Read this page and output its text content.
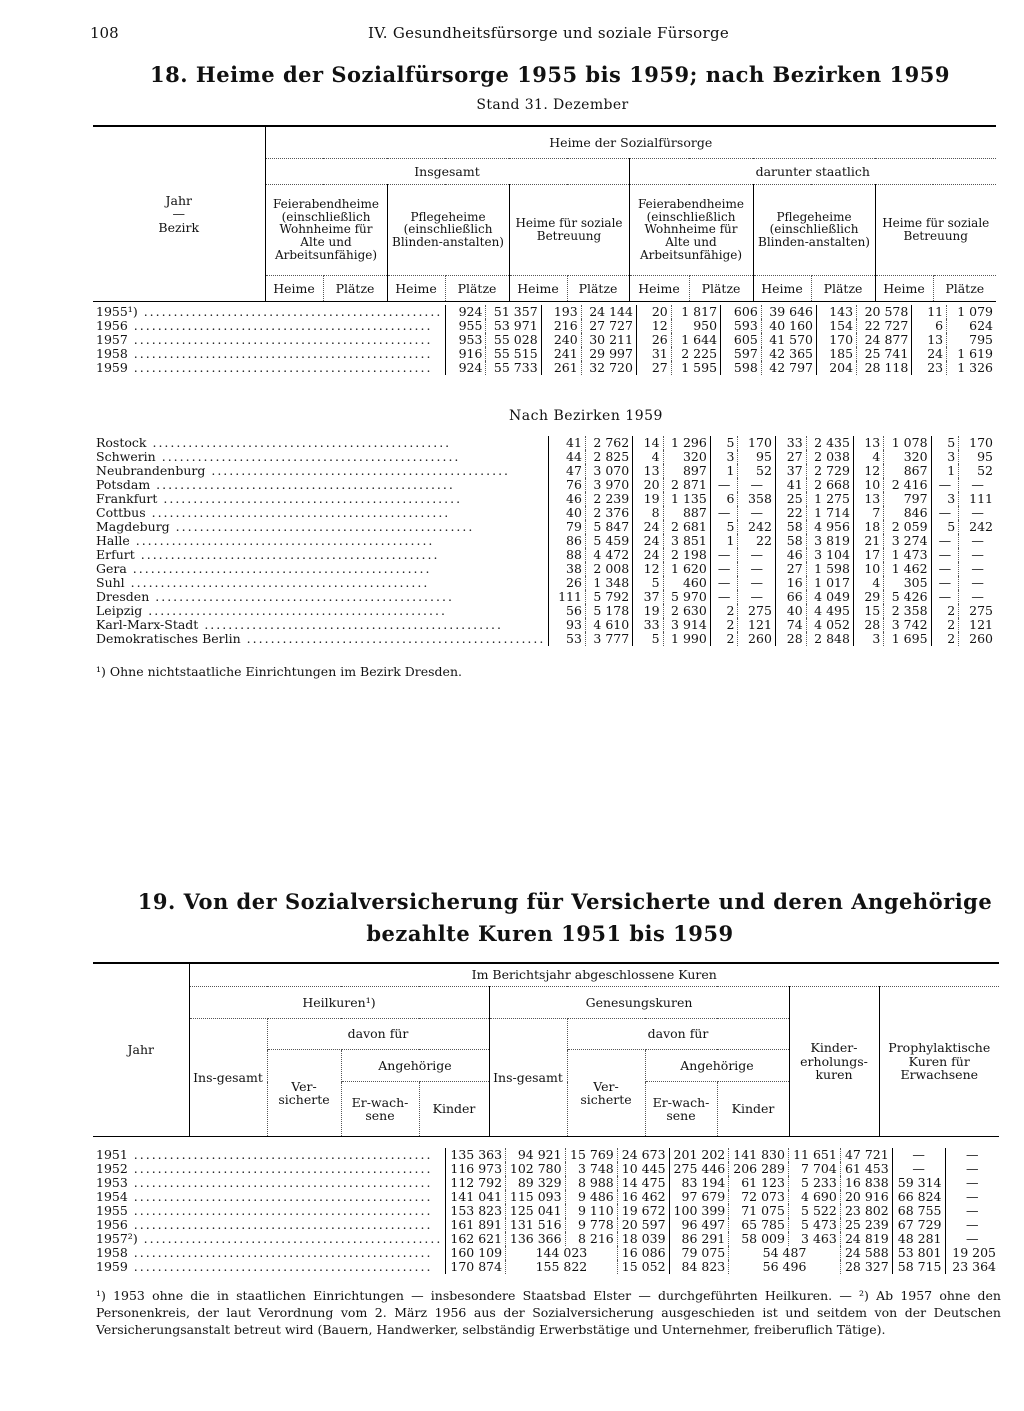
108	IV. Gesundheitsfürsorge und soziale Fürsorge
18. Heime der Sozialfürsorge 1955 bis 1959; nach Bezirken 1959
Stand 31. Dezember
Jahr
—
Bezirk	Heime der Sozialfürsorge											
	Insgesamt						darunter staatlich					
	Feierabendheime (einschließlich Wohnheime für Alte und Arbeitsunfähige)		Pflegeheime (einschließlich Blinden-anstalten)		Heime für soziale Betreuung		Feierabendheime (einschließlich Wohnheime für Alte und Arbeitsunfähige)		Pflegeheime (einschließlich Blinden-anstalten)		Heime für soziale Betreuung	
	Heime	Plätze	Heime	Plätze	Heime	Plätze	Heime	Plätze	Heime	Plätze	Heime	Plätze
1955¹) ..................................................	924	51 357	193	24 144	20	1 817	606	39 646	143	20 578	11	1 079
1956 ..................................................	955	53 971	216	27 727	12	950	593	40 160	154	22 727	6	624
1957 ..................................................	953	55 028	240	30 211	26	1 644	605	41 570	170	24 877	13	795
1958 ..................................................	916	55 515	241	29 997	31	2 225	597	42 365	185	25 741	24	1 619
1959 ..................................................	924	55 733	261	32 720	27	1 595	598	42 797	204	28 118	23	1 326
Nach Bezirken 1959
Rostock ..................................................	41	2 762	14	1 296	5	170	33	2 435	13	1 078	5	170
Schwerin ..................................................	44	2 825	4	320	3	95	27	2 038	4	320	3	95
Neubrandenburg ..................................................	47	3 070	13	897	1	52	37	2 729	12	867	1	52
Potsdam ..................................................	76	3 970	20	2 871	—	—	41	2 668	10	2 416	—	—
Frankfurt ..................................................	46	2 239	19	1 135	6	358	25	1 275	13	797	3	111
Cottbus ..................................................	40	2 376	8	887	—	—	22	1 714	7	846	—	—
Magdeburg ..................................................	79	5 847	24	2 681	5	242	58	4 956	18	2 059	5	242
Halle ..................................................	86	5 459	24	3 851	1	22	58	3 819	21	3 274	—	—
Erfurt ..................................................	88	4 472	24	2 198	—	—	46	3 104	17	1 473	—	—
Gera ..................................................	38	2 008	12	1 620	—	—	27	1 598	10	1 462	—	—
Suhl ..................................................	26	1 348	5	460	—	—	16	1 017	4	305	—	—
Dresden ..................................................	111	5 792	37	5 970	—	—	66	4 049	29	5 426	—	—
Leipzig ..................................................	56	5 178	19	2 630	2	275	40	4 495	15	2 358	2	275
Karl-Marx-Stadt ..................................................	93	4 610	33	3 914	2	121	74	4 052	28	3 742	2	121
Demokratisches Berlin ..................................................	53	3 777	5	1 990	2	260	28	2 848	3	1 695	2	260
¹) Ohne nichtstaatliche Einrichtungen im Bezirk Dresden.
19. Von der Sozialversicherung für Versicherte und deren Angehörige
bezahlte Kuren 1951 bis 1959
Jahr	Im Berichtsjahr abgeschlossene Kuren									
	Heilkuren¹)				Genesungskuren				Kinder-erholungs-kuren	Prophylaktische Kuren für Erwachsene
	Ins-gesamt	davon für			Ins-gesamt	davon für				
		Ver-sicherte	Angehörige			Ver-sicherte	Angehörige			
			Er-wach-sene	Kinder			Er-wach-sene	Kinder		
1951 ..................................................	135 363	94 921	15 769	24 673	201 202	141 830	11 651	47 721	—	—
1952 ..................................................	116 973	102 780	3 748	10 445	275 446	206 289	7 704	61 453	—	—
1953 ..................................................	112 792	89 329	8 988	14 475	83 194	61 123	5 233	16 838	59 314	—
1954 ..................................................	141 041	115 093	9 486	16 462	97 679	72 073	4 690	20 916	66 824	—
1955 ..................................................	153 823	125 041	9 110	19 672	100 399	71 075	5 522	23 802	68 755	—
1956 ..................................................	161 891	131 516	9 778	20 597	96 497	65 785	5 473	25 239	67 729	—
1957²) ..................................................	162 621	136 366	8 216	18 039	86 291	58 009	3 463	24 819	48 281	—
1958 ..................................................	160 109	144 023		16 086	79 075	54 487		24 588	53 801	19 205
1959 ..................................................	170 874	155 822		15 052	84 823	56 496		28 327	58 715	23 364
¹) 1953 ohne die in staatlichen Einrichtungen — insbesondere Staatsbad Elster — durchgeführten Heilkuren. — ²) Ab 1957 ohne den Personenkreis, der laut Verordnung vom 2. März 1956 aus der Sozialversicherung ausgeschieden ist und seitdem von der Deutschen Versicherungsanstalt betreut wird (Bauern, Handwerker, selbständig Erwerbstätige und Unternehmer, freiberuflich Tätige).
